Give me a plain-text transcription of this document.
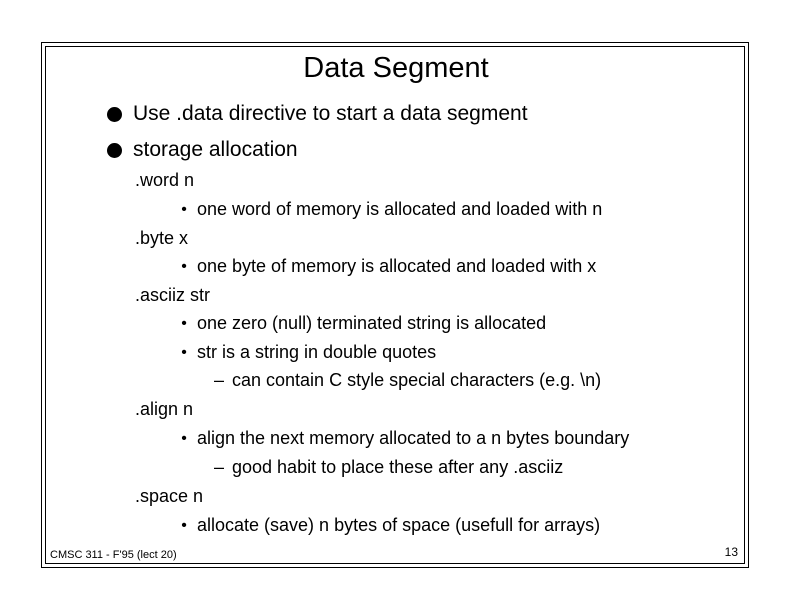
Data Segment
Use .data directive to start a data segment
storage allocation
.word n
• one word of memory is allocated and loaded with n
.byte x
• one byte of memory is allocated and loaded with x
.asciiz str
• one zero (null) terminated string is allocated
• str is a string in double quotes
– can contain C style special characters (e.g. \n)
.align n
• align the next memory allocated to a n bytes boundary
– good habit to place these after any .asciiz
.space n
• allocate (save) n bytes of space (usefull for arrays)
CMSC 311 - F'95 (lect 20)	13
